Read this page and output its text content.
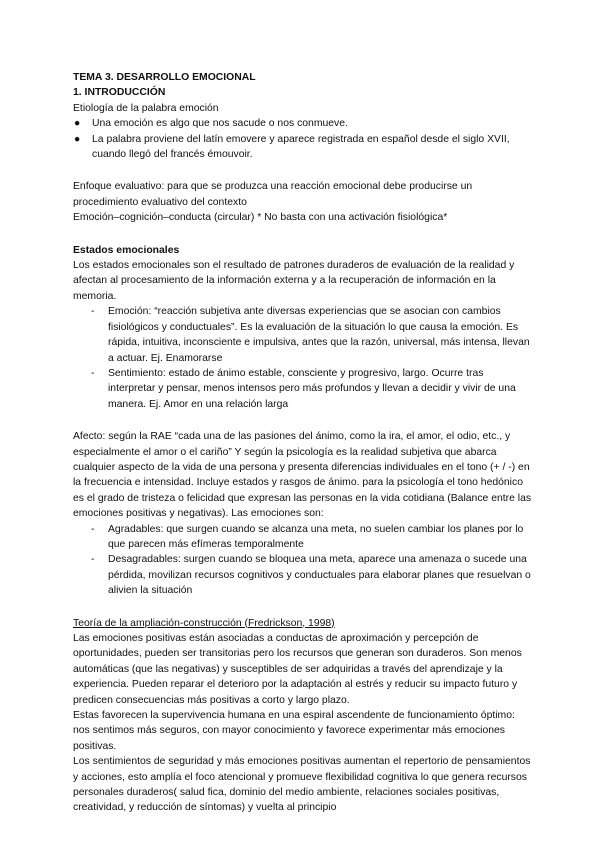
TEMA 3. DESARROLLO EMOCIONAL
1. INTRODUCCIÓN

Etiología de la palabra emoción

● Una emoción es algo que nos sacude o nos conmueve.
● La palabra proviene del latín emovere y aparece registrada en español desde el siglo XVII, cuando llegó del francés émouvoir.

Enfoque evaluativo: para que se produzca una reacción emocional debe producirse un procedimiento evaluativo del contexto

Emoción–cognición–conducta (circular) * No basta con una activación fisiológica*

Estados emocionales

Los estados emocionales son el resultado de patrones duraderos de evaluación de la realidad y afectan al procesamiento de la información externa y a la recuperación de información en la memoria.

- Emoción: “reacción subjetiva ante diversas experiencias que se asocian con cambios fisiológicos y conductuales”. Es la evaluación de la situación lo que causa la emoción. Es rápida, intuitiva, inconsciente e impulsiva, antes que la razón, universal, más intensa, llevan a actuar. Ej. Enamorarse
- Sentimiento: estado de ánimo estable, consciente y progresivo, largo. Ocurre tras interpretar y pensar, menos intensos pero más profundos y llevan a decidir y vivir de una manera. Ej. Amor en una relación larga

Afecto: según la RAE “cada una de las pasiones del ánimo, como la ira, el amor, el odio, etc., y especialmente el amor o el cariño” Y según la psicología es la realidad subjetiva que abarca cualquier aspecto de la vida de una persona y presenta diferencias individuales en el tono (+ / -) en la frecuencia e intensidad. Incluye estados y rasgos de ánimo. para la psicología el tono hedónico es el grado de tristeza o felicidad que expresan las personas en la vida cotidiana (Balance entre las emociones positivas y negativas). Las emociones son:

- Agradables: que surgen cuando se alcanza una meta, no suelen cambiar los planes por lo que parecen más efímeras temporalmente
- Desagradables: surgen cuando se bloquea una meta, aparece una amenaza o sucede una pérdida, movilizan recursos cognitivos y conductuales para elaborar planes que resuelvan o alivien la situación
Teoría de la ampliación-construcción (Fredrickson, 1998)

Las emociones positivas están asociadas a conductas de aproximación y percepción de oportunidades, pueden ser transitorias pero los recursos que generan son duraderos. Son menos automáticas (que las negativas) y susceptibles de ser adquiridas a través del aprendizaje y la experiencia. Pueden reparar el deterioro por la adaptación al estrés y reducir su impacto futuro y predicen consecuencias más positivas a corto y largo plazo.

Estas favorecen la supervivencia humana en una espiral ascendente de funcionamiento óptimo: nos sentimos más seguros, con mayor conocimiento y favorece experimentar más emociones positivas.

Los sentimientos de seguridad y más emociones positivas aumentan el repertorio de pensamientos y acciones, esto amplía el foco atencional y promueve flexibilidad cognitiva lo que genera recursos personales duraderos( salud fica, dominio del medio ambiente, relaciones sociales positivas, creatividad, y reducción de síntomas) y vuelta al principio
